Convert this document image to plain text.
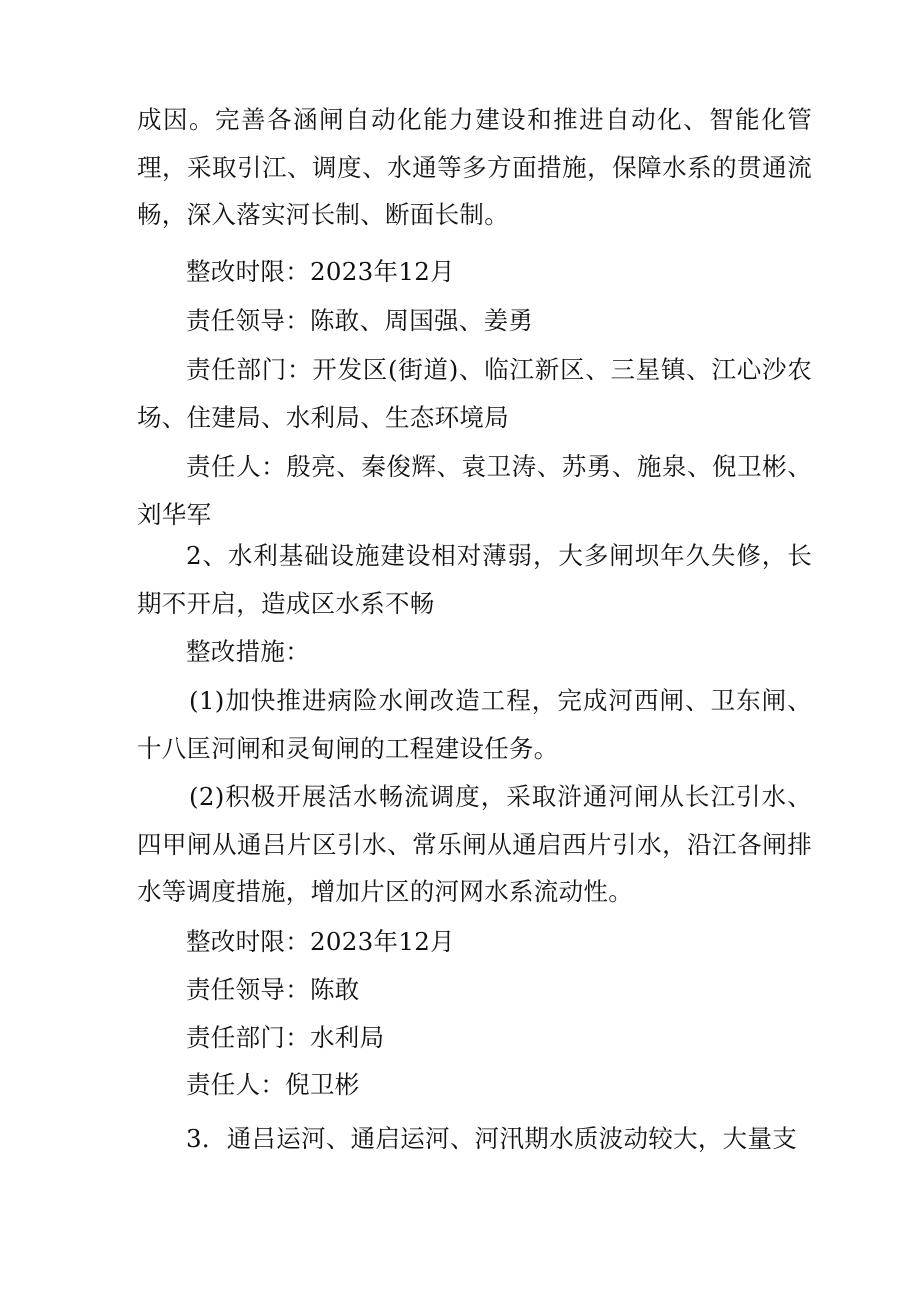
成因。完善各涵闸自动化能力建设和推进自动化、智能化管理，采取引江、调度、水通等多方面措施，保障水系的贯通流畅，深入落实河长制、断面长制。

整改时限：2023年12月

责任领导：陈敢、周国强、姜勇

责任部门：开发区(街道)、临江新区、三星镇、江心沙农场、住建局、水利局、生态环境局

责任人：殷亮、秦俊辉、袁卫涛、苏勇、施泉、倪卫彬、刘华军

2、水利基础设施建设相对薄弱，大多闸坝年久失修，长期不开启，造成区水系不畅

整改措施：

(1)加快推进病险水闸改造工程，完成河西闸、卫东闸、十八匡河闸和灵甸闸的工程建设任务。

(2)积极开展活水畅流调度，采取浒通河闸从长江引水、四甲闸从通吕片区引水、常乐闸从通启西片引水，沿江各闸排水等调度措施，增加片区的河网水系流动性。

整改时限：2023年12月

责任领导：陈敢

责任部门：水利局

责任人：倪卫彬

3．通吕运河、通启运河、河汛期水质波动较大，大量支
